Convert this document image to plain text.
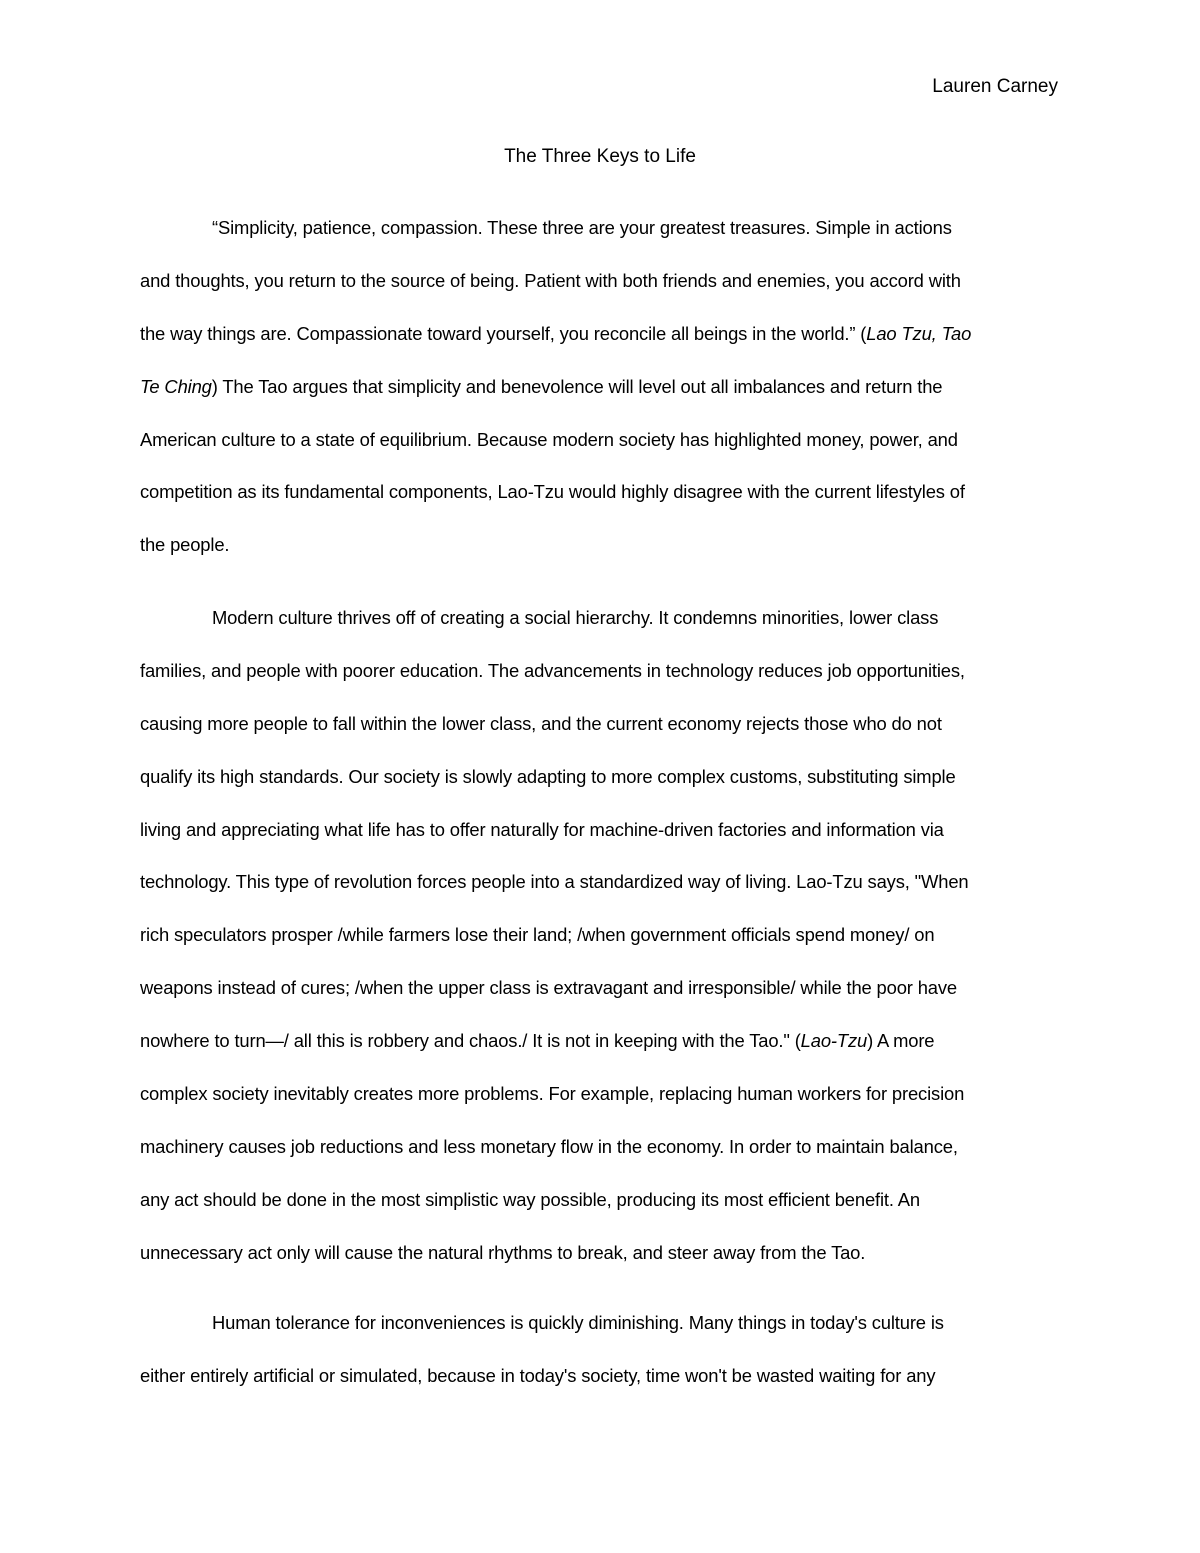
Lauren Carney
The Three Keys to Life
“Simplicity, patience, compassion. These three are your greatest treasures. Simple in actions
and thoughts, you return to the source of being. Patient with both friends and enemies, you accord with
the way things are. Compassionate toward yourself, you reconcile all beings in the world.” (Lao Tzu, Tao
Te Ching) The Tao argues that simplicity and benevolence will level out all imbalances and return the
American culture to a state of equilibrium. Because modern society has highlighted money, power, and
competition as its fundamental components, Lao-Tzu would highly disagree with the current lifestyles of
the people.
Modern culture thrives off of creating a social hierarchy. It condemns minorities, lower class
families, and people with poorer education. The advancements in technology reduces job opportunities,
causing more people to fall within the lower class, and the current economy rejects those who do not
qualify its high standards. Our society is slowly adapting to more complex customs, substituting simple
living and appreciating what life has to offer naturally for machine-driven factories and information via
technology. This type of revolution forces people into a standardized way of living. Lao-Tzu says, "When
rich speculators prosper /while farmers lose their land; /when government officials spend money/ on
weapons instead of cures; /when the upper class is extravagant and irresponsible/ while the poor have
nowhere to turn—/ all this is robbery and chaos./ It is not in keeping with the Tao." (Lao-Tzu) A more
complex society inevitably creates more problems. For example, replacing human workers for precision
machinery causes job reductions and less monetary flow in the economy. In order to maintain balance,
any act should be done in the most simplistic way possible, producing its most efficient benefit. An
unnecessary act only will cause the natural rhythms to break, and steer away from the Tao.
Human tolerance for inconveniences is quickly diminishing. Many things in today's culture is
either entirely artificial or simulated, because in today's society, time won't be wasted waiting for any
